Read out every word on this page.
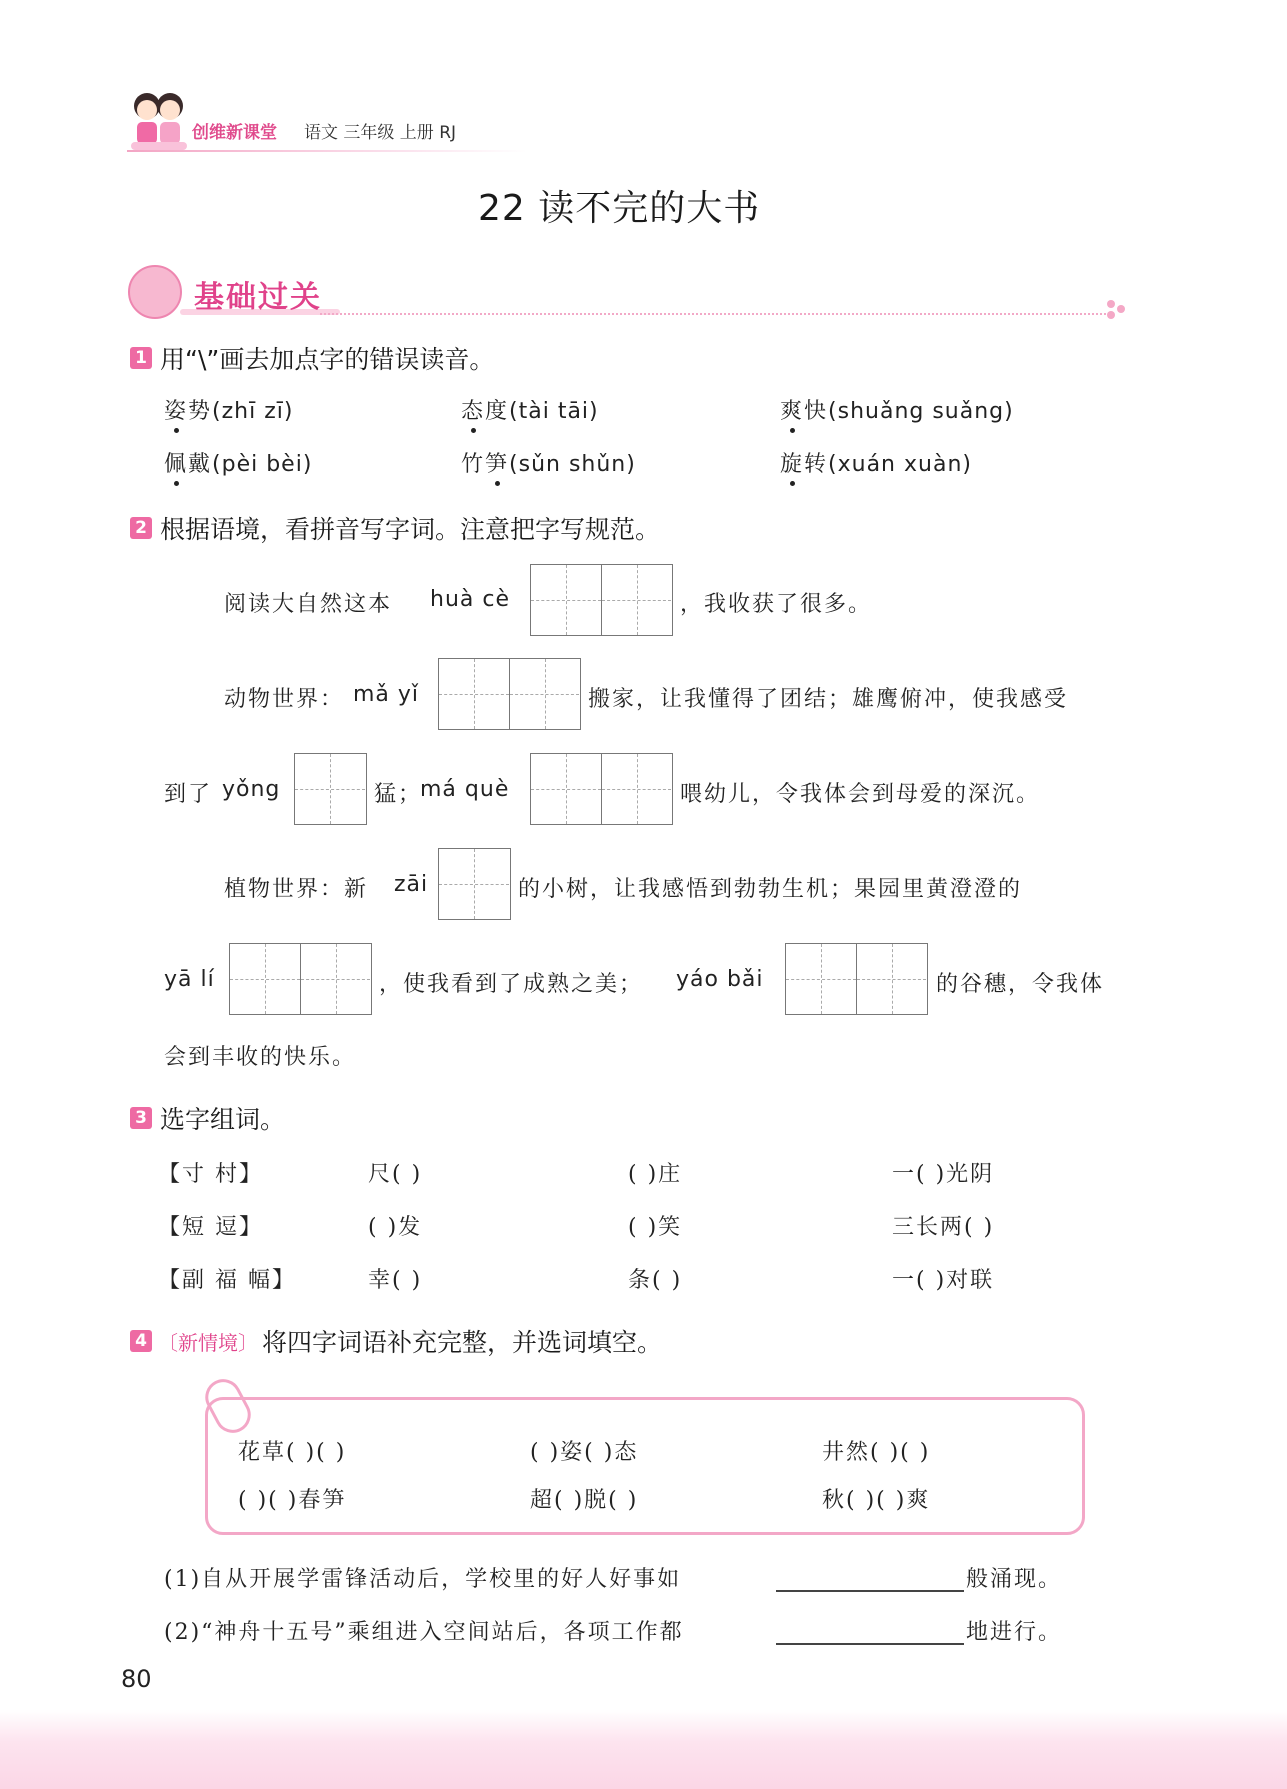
创维新课堂 语文 三年级 上册 RJ
22 读不完的大书
基础过关
1 用“\”画去加点字的错误读音。
姿势(zhī zī)	态度(tài tāi)	爽快(shuǎng suǎng)
佩戴(pèi bèi)	竹笋(sǔn shǔn)	旋转(xuán xuàn)
2 根据语境，看拼音写字词。注意把字写规范。
阅读大自然这本 huà cè	，我收获了很多。
动物世界： mǎ yǐ	搬家，让我懂得了团结；雄鹰俯冲，使我感受
到了 yǒng	猛；
má què	喂幼儿，令我体会到母爱的深沉。
植物世界：新 zāi	的小树，让我感悟到勃勃生机；果园里黄澄澄的
yā lí	，使我看到了成熟之美； yáo bǎi	的谷穗，令我体
会到丰收的快乐。
3 选字组词。
【寸 村】	尺( )	( )庄	一( )光阴
【短 逗】	( )发	( )笑	三长两( )
【副 福 幅】	幸( )	条( )	一( )对联
4 〔新情境〕 将四字词语补充完整，并选词填空。
花草( )( )	( )姿( )态	井然( )( )
( )( )春笋	超( )脱( )	秋( )( )爽
(1)自从开展学雷锋活动后，学校里的好人好事如	般涌现。
(2)“神舟十五号”乘组进入空间站后，各项工作都	地进行。
80
